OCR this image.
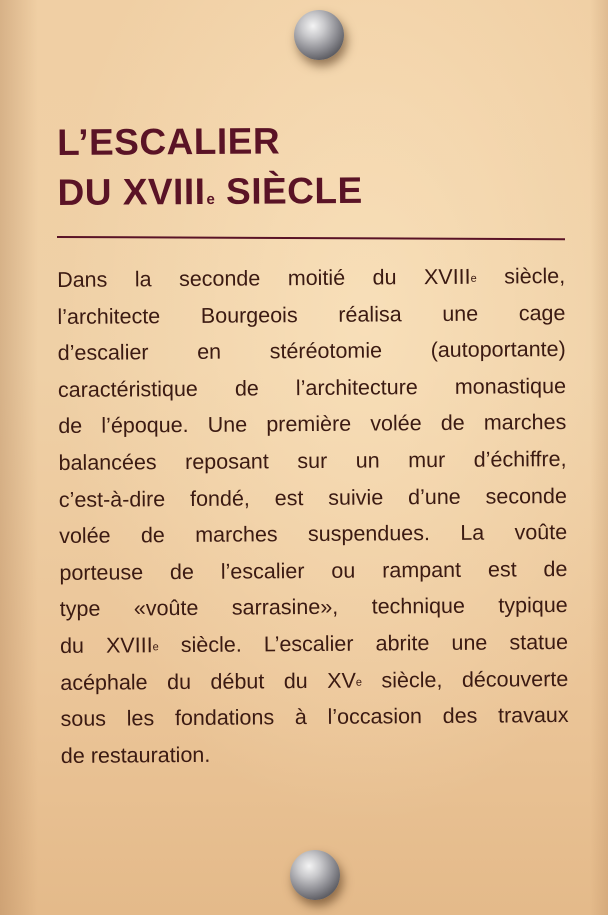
L’ESCALIER
DU XVIIIe SIÈCLE
Dans la seconde moitié du XVIIIe siècle,
l’architecte Bourgeois réalisa une cage
d’escalier en stéréotomie (autoportante)
caractéristique de l’architecture monastique
de l’époque. Une première volée de marches
balancées reposant sur un mur d’échiffre,
c’est-à-dire fondé, est suivie d’une seconde
volée de marches suspendues. La voûte
porteuse de l’escalier ou rampant est de
type «voûte sarrasine», technique typique
du XVIIIe siècle. L’escalier abrite une statue
acéphale du début du XVe siècle, découverte
sous les fondations à l’occasion des travaux
de restauration.
